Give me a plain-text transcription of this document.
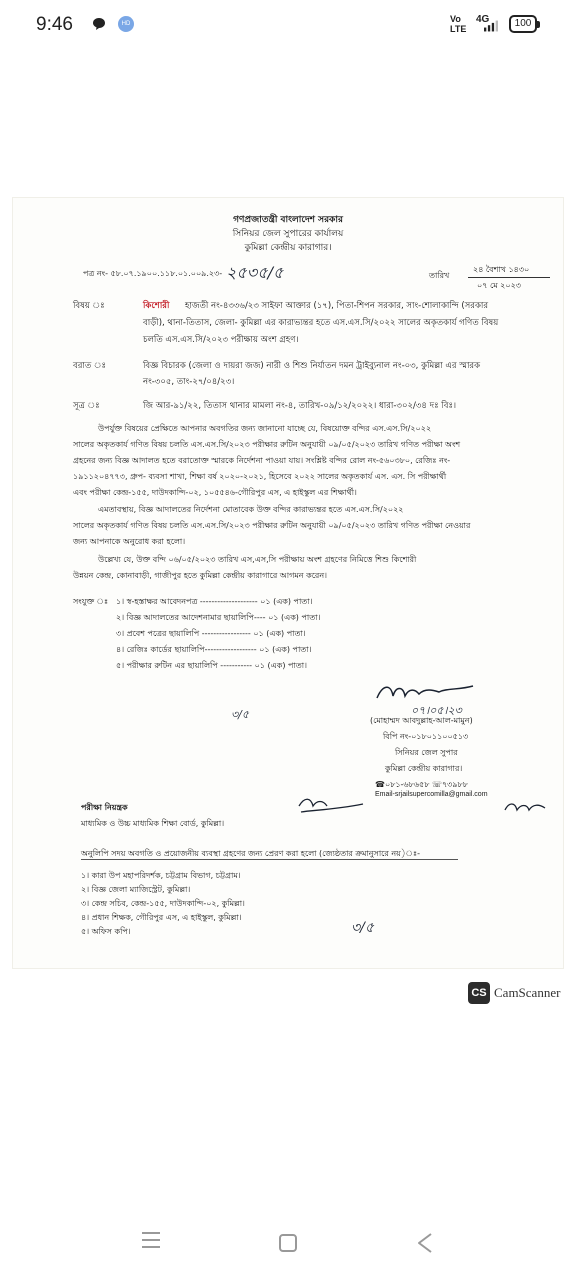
9:46	HD	Vo
LTE
4G	100
গণপ্রজাতন্ত্রী বাংলাদেশ সরকার
সিনিয়র জেল সুপারের কার্যালয়
কুমিল্লা কেন্দ্রীয় কারাগার।
পত্র নং- ৫৮.০৭.১৯০০.১১৮.০১.০০৯.২৩- ২৫৩৫/৫	তারিখ
২৪ বৈশাখ ১৪৩০
০৭ মে ২০২৩
বিষয় ঃ	কিশোরী হাজতী নং-৪৩৩৬/২৩ সাইফা আক্তার (১৭), পিতা-শিপন সরকার, সাং-শোলাকান্দি (সরকার
বাড়ী), থানা-তিতাস, জেলা- কুমিল্লা এর কারাভ্যন্তর হতে এস.এস.সি/২০২২ সালের অকৃতকার্য গণিত বিষয়
চলতি এস.এস.সি/২০২৩ পরীক্ষায় অংশ গ্রহণ।
বরাত ঃ	বিজ্ঞ বিচারক (জেলা ও দায়রা জজ) নারী ও শিশু নির্যাতন দমন ট্রাইব্যুনাল নং-০৩, কুমিল্লা এর স্মারক
নং-৩০৫, তাং-২৭/০৪/২৩।
সূত্র ঃ	জি আর-৯১/২২, তিতাস থানার মামলা নং-৪, তারিখ-০৯/১২/২০২২। ধারা-৩০২/৩৪ দঃ বিঃ।
উপর্যুক্ত বিষয়ের প্রেক্ষিতে আপনার অবগতির জন্য জানানো যাচ্ছে যে, বিষয়োক্ত বন্দির এস.এস.সি/২০২২
সালের অকৃতকার্য গণিত বিষয় চলতি এস.এস.সি/২০২৩ পরীক্ষার রুটিন অনুযায়ী ০৯/০৫/২০২৩ তারিখ গণিত পরীক্ষা অংশ
গ্রহনের জন্য বিজ্ঞ আদালত হতে বরাতোক্ত স্মারকে নির্দেশনা পাওয়া যায়। সংশ্লিষ্ট বন্দির রোল নং-৫৬০৩৮০, রেজিঃ নং-
১৯১১২০৪৭৭৩, গ্রুপ- ব্যবসা শাখা, শিক্ষা বর্ষ ২০২০-২০২১, হিসেবে ২০২২ সালের অকৃতকার্য এস. এস. সি পরীক্ষার্থী
এবং পরীক্ষা কেন্দ্র-১৫৫, দাউদকান্দি-০২, ১০৫৫৪৬-গৌরিপুর এস, এ হাইস্কুল এর শিক্ষার্থী।
এমতাবস্থায়, বিজ্ঞ আদালতের নির্দেশনা মোতাবেক উক্ত বন্দির কারাভ্যন্তর হতে এস.এস.সি/২০২২
সালের অকৃতকার্য গণিত বিষয় চলতি এস.এস.সি/২০২৩ পরীক্ষার রুটিন অনুযায়ী ০৯/০৫/২০২৩ তারিখ গণিত পরীক্ষা নেওয়ার
জন্য আপনাকে অনুরোধ করা হলো।
উল্লেখ্য যে, উক্ত বন্দি ০৬/০৫/২০২৩ তারিখ এস,এস,সি পরীক্ষায় অংশ গ্রহণের নিমিত্তে শিশু কিশোরী
উন্নয়ন কেন্দ্র, কোনাবাড়ী, গাজীপুর হতে কুমিল্লা কেন্দ্রীয় কারাগারে আগমন করেন।
সংযুক্ত ঃ ১। স্ব-হস্তাক্ষর আবেদনপত্র -------------------- ০১ (এক) পাতা।
২। বিজ্ঞ আদালতের আদেশনামার ছায়ালিপি---- ০১ (এক) পাতা।
৩। প্রবেশ পত্রের ছায়ালিপি ----------------- ০১ (এক) পাতা।
৪। রেজিঃ কার্ডের ছায়ালিপি------------------ ০১ (এক) পাতা।
৫। পরীক্ষার রুটিন এর ছায়ালিপি ----------- ০১ (এক) পাতা।
০৭।০৫।২৩
(মোহাম্মদ আবদুল্লাহ-আল-মামুন)
বিপি নং-০১৮০১১০০৫১৩
সিনিয়র জেল সুপার
কুমিল্লা কেন্দ্রীয় কারাগার।
☎০৮১-৬৮৬৫৮ ☏৭৩৯৮৮
Email-srjailsupercomilla@gmail.com
৩/৫
পরীক্ষা নিয়ন্ত্রক
মাধ্যমিক ও উচ্চ মাধ্যমিক শিক্ষা বোর্ড, কুমিল্লা।
অনুলিপি সদয় অবগতি ও প্রয়োজনীয় ব্যবস্থা গ্রহণের জন্য প্রেরণ করা হলো (জ্যেষ্ঠতার ক্রমানুসারে নয়)ঃ-
১। কারা উপ মহাপরিদর্শক, চট্টগ্রাম বিভাগ, চট্টগ্রাম।
২। বিজ্ঞ জেলা ম্যাজিস্ট্রেট, কুমিল্লা।
৩। কেন্দ্র সচিব, কেন্দ্র-১৫৫, দাউদকান্দি-০২, কুমিল্লা।
৪। প্রধান শিক্ষক, গৌরিপুর এস, এ হাইস্কুল, কুমিল্লা।
৫। অফিস কপি।	৩/৫
CS CamScanner
